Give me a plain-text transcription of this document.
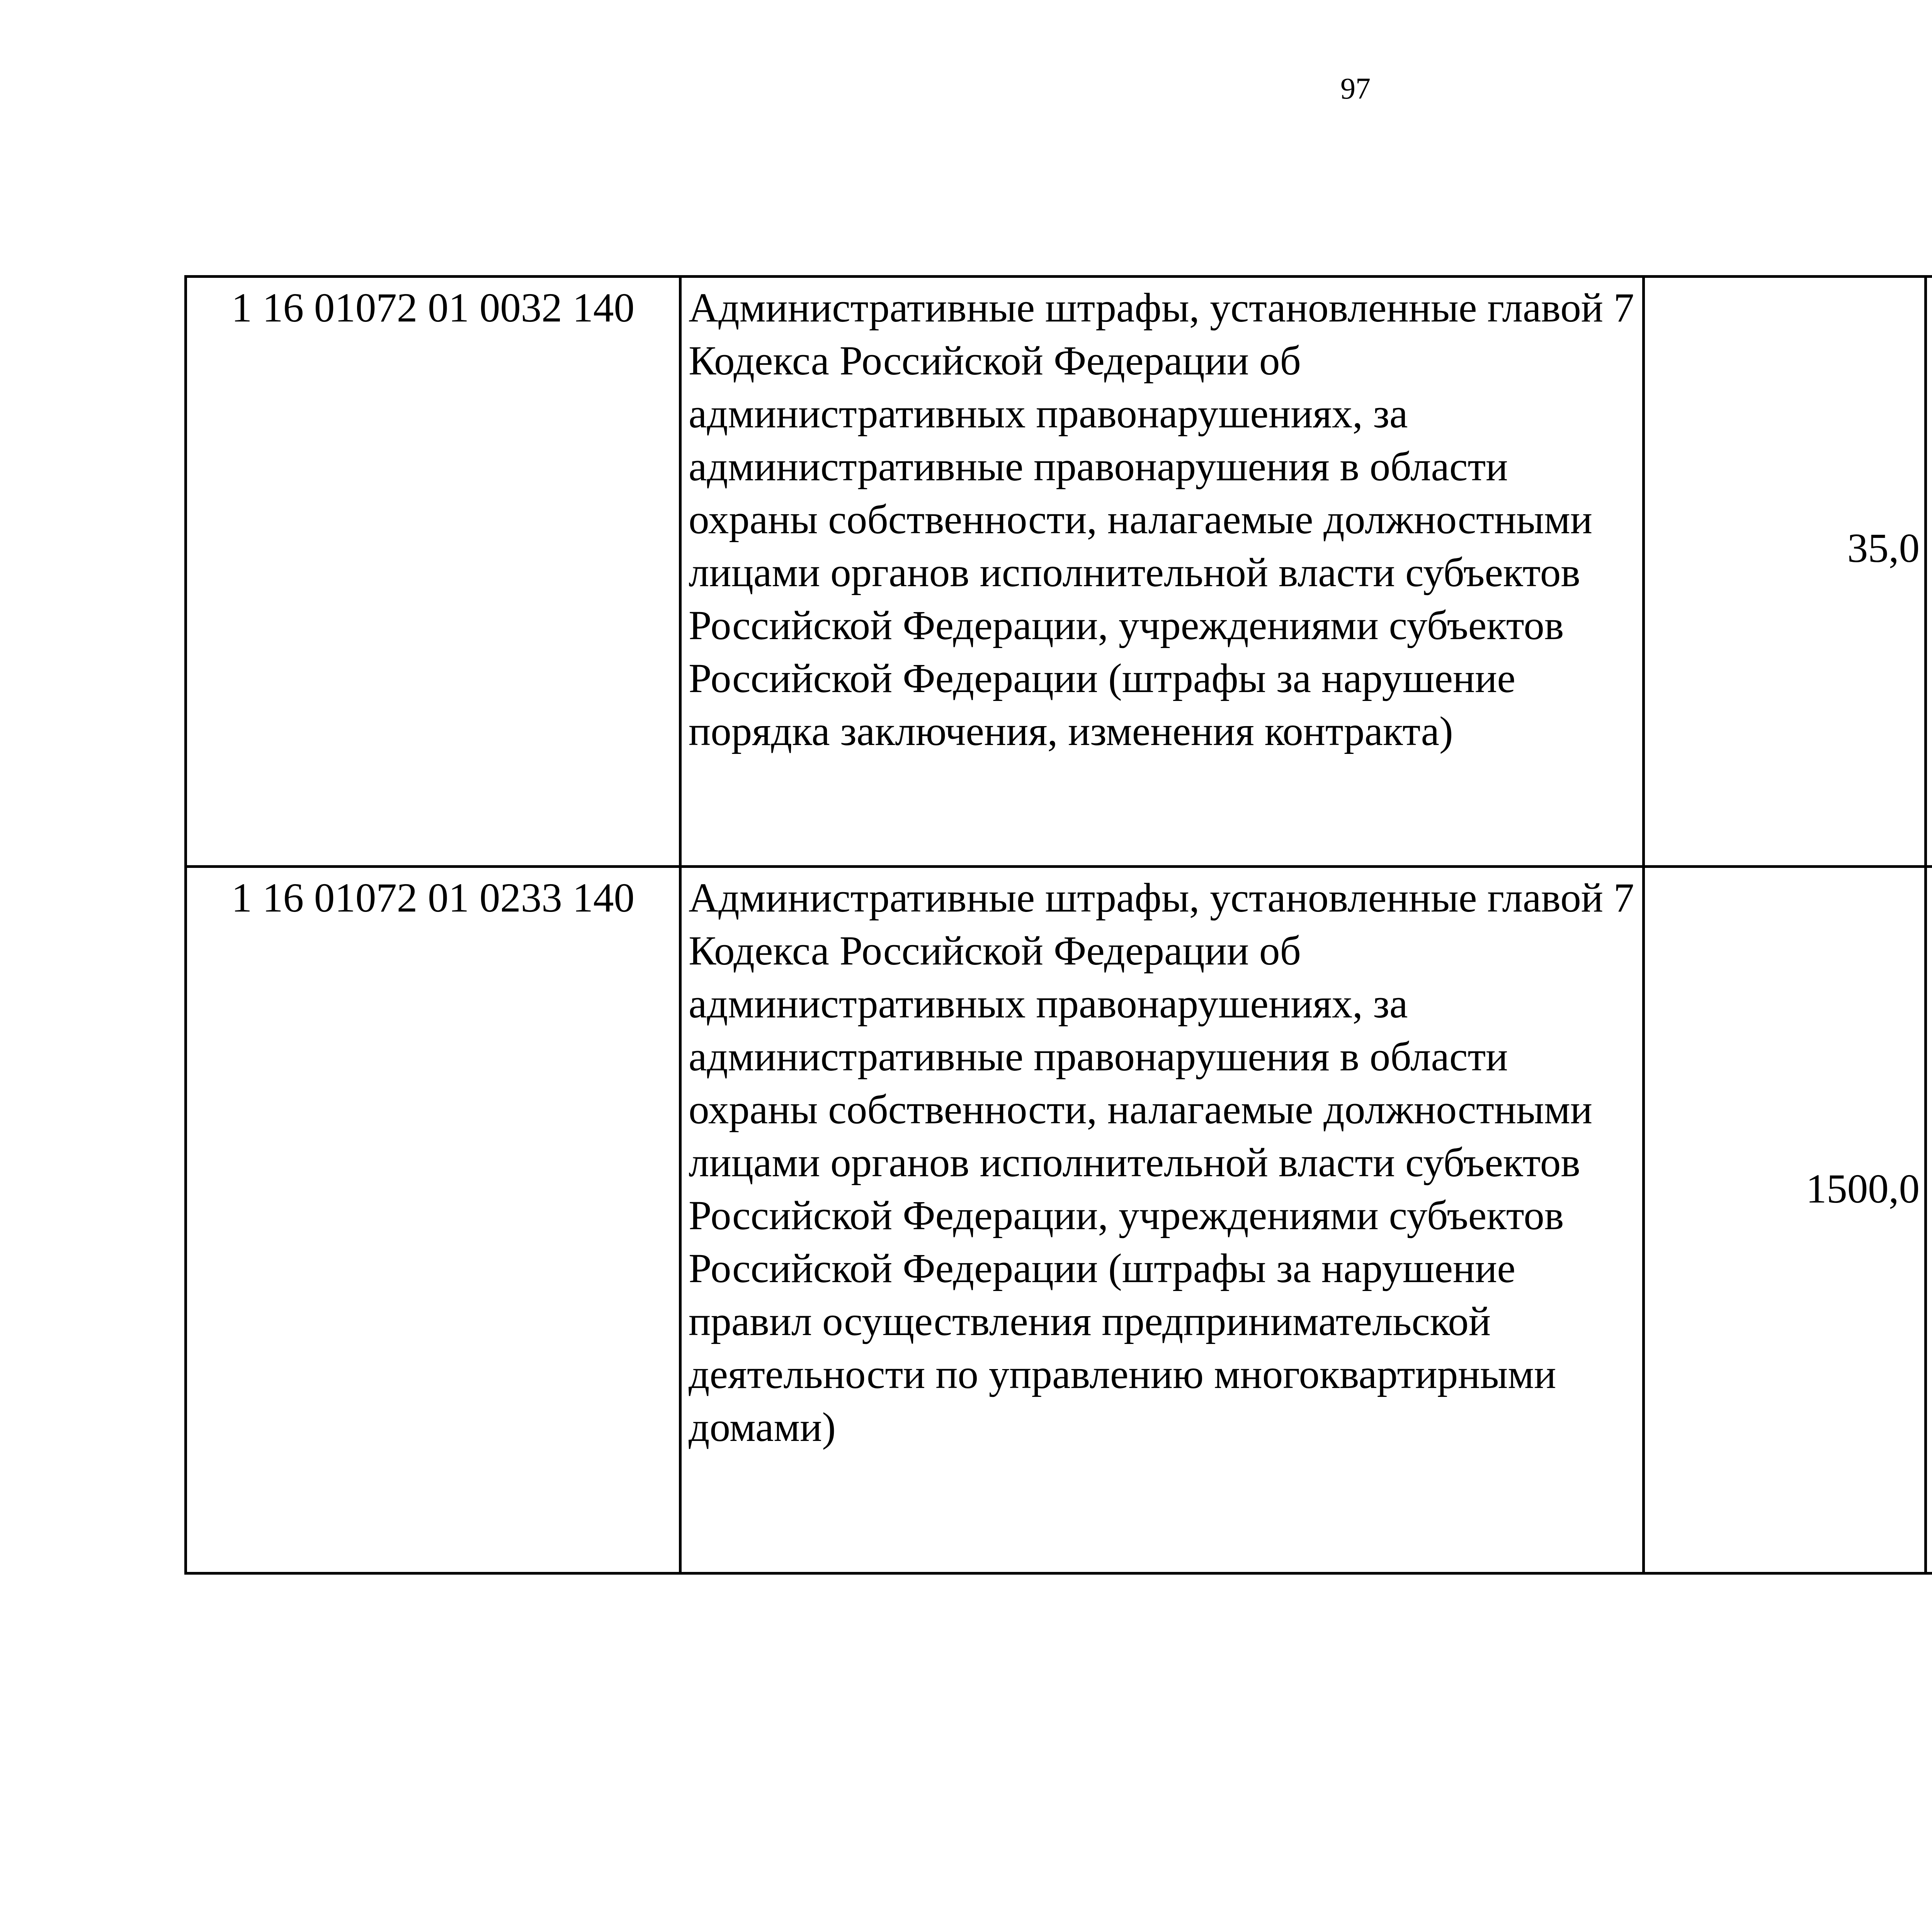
97
1 16 01072 01 0032 140	Административные штрафы, установленные главой 7 Кодекса Российской Федерации об административных правонарушениях, за административные правонарушения в области охраны собственности, налагаемые должностными лицами органов исполнительной власти субъектов Российской Федерации, учреждениями субъектов Российской Федерации (штрафы за нарушение порядка заключения, изменения контракта)	35,0		
1 16 01072 01 0233 140	Административные штрафы, установленные главой 7 Кодекса Российской Федерации об административных правонарушениях, за административные правонарушения в области охраны собственности, налагаемые должностными лицами органов исполнительной власти субъектов Российской Федерации, учреждениями субъектов Российской Федерации (штрафы за нарушение правил осуществления предпринимательской деятельности по управлению многоквартирными домами)	1500,0		
